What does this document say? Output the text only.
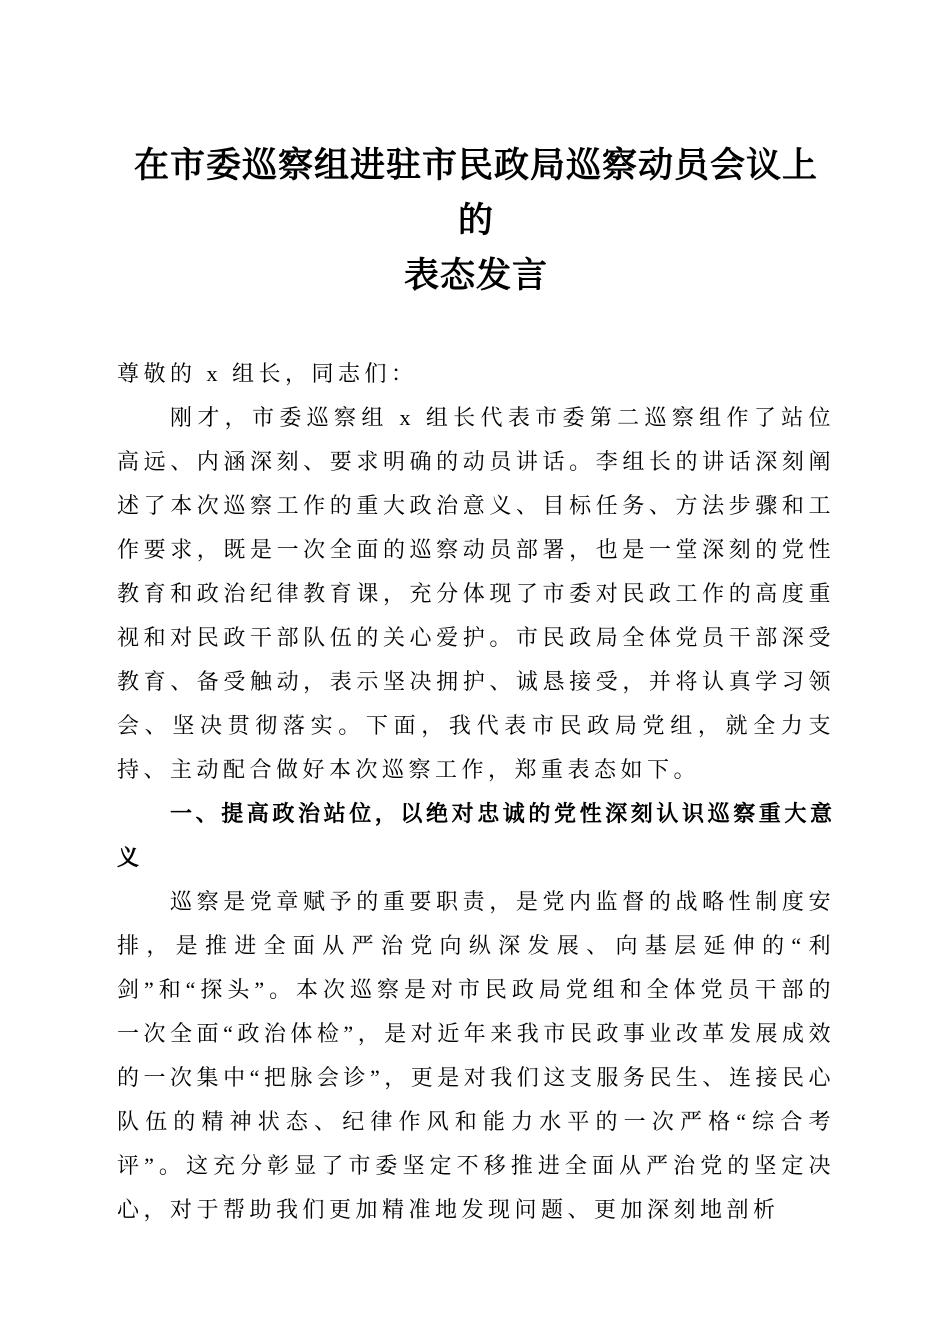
在市委巡察组进驻市民政局巡察动员会议上的
表态发言

尊敬的 x 组长，同志们：

刚才，市委巡察组 x 组长代表市委第二巡察组作了站位高远、内涵深刻、要求明确的动员讲话。李组长的讲话深刻阐述了本次巡察工作的重大政治意义、目标任务、方法步骤和工作要求，既是一次全面的巡察动员部署，也是一堂深刻的党性教育和政治纪律教育课，充分体现了市委对民政工作的高度重视和对民政干部队伍的关心爱护。市民政局全体党员干部深受教育、备受触动，表示坚决拥护、诚恳接受，并将认真学习领会、坚决贯彻落实。下面，我代表市民政局党组，就全力支持、主动配合做好本次巡察工作，郑重表态如下。

一、提高政治站位，以绝对忠诚的党性深刻认识巡察重大意义

巡察是党章赋予的重要职责，是党内监督的战略性制度安排，是推进全面从严治党向纵深发展、向基层延伸的“利剑”和“探头”。本次巡察是对市民政局党组和全体党员干部的一次全面“政治体检”，是对近年来我市民政事业改革发展成效的一次集中“把脉会诊”，更是对我们这支服务民生、连接民心队伍的精神状态、纪律作风和能力水平的一次严格“综合考评”。这充分彰显了市委坚定不移推进全面从严治党的坚定决心，对于帮助我们更加精准地发现问题、更加深刻地剖析
